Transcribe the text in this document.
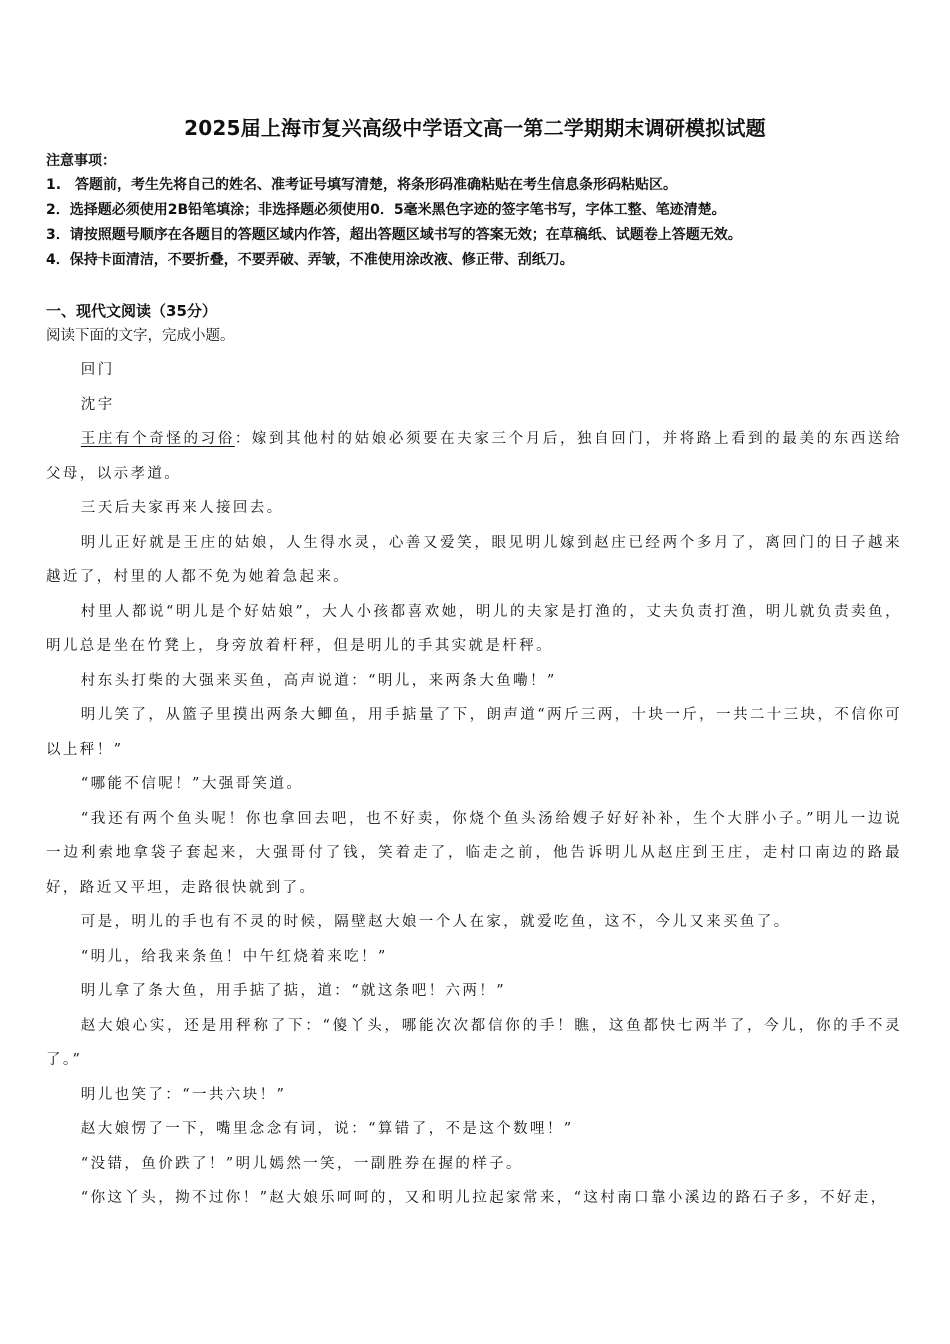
2025届上海市复兴高级中学语文高一第二学期期末调研模拟试题
注意事项：
1.　答题前，考生先将自己的姓名、准考证号填写清楚，将条形码准确粘贴在考生信息条形码粘贴区。
2．选择题必须使用2B铅笔填涂；非选择题必须使用0．5毫米黑色字迹的签字笔书写，字体工整、笔迹清楚。
3．请按照题号顺序在各题目的答题区域内作答，超出答题区域书写的答案无效；在草稿纸、试题卷上答题无效。
4．保持卡面清洁，不要折叠，不要弄破、弄皱，不准使用涂改液、修正带、刮纸刀。
一、现代文阅读（35分）
阅读下面的文字，完成小题。

回门

沈宇

王庄有个奇怪的习俗：嫁到其他村的姑娘必须要在夫家三个月后，独自回门，并将路上看到的最美的东西送给父母，以示孝道。

三天后夫家再来人接回去。

明儿正好就是王庄的姑娘，人生得水灵，心善又爱笑，眼见明儿嫁到赵庄已经两个多月了，离回门的日子越来越近了，村里的人都不免为她着急起来。

村里人都说“明儿是个好姑娘”，大人小孩都喜欢她，明儿的夫家是打渔的，丈夫负责打渔，明儿就负责卖鱼，明儿总是坐在竹凳上，身旁放着杆秤，但是明儿的手其实就是杆秤。

村东头打柴的大强来买鱼，高声说道：“明儿，来两条大鱼嘞！”

明儿笑了，从篮子里摸出两条大鲫鱼，用手掂量了下，朗声道“两斤三两，十块一斤，一共二十三块，不信你可以上秤！”

“哪能不信呢！”大强哥笑道。

“我还有两个鱼头呢！你也拿回去吧，也不好卖，你烧个鱼头汤给嫂子好好补补，生个大胖小子。”明儿一边说一边利索地拿袋子套起来，大强哥付了钱，笑着走了，临走之前，他告诉明儿从赵庄到王庄，走村口南边的路最好，路近又平坦，走路很快就到了。

可是，明儿的手也有不灵的时候，隔壁赵大娘一个人在家，就爱吃鱼，这不，今儿又来买鱼了。

“明儿，给我来条鱼！中午红烧着来吃！”

明儿拿了条大鱼，用手掂了掂，道：“就这条吧！六两！”

赵大娘心实，还是用秤称了下：“傻丫头，哪能次次都信你的手！瞧，这鱼都快七两半了，今儿，你的手不灵了。”

明儿也笑了：“一共六块！”

赵大娘愣了一下，嘴里念念有词，说：“算错了，不是这个数哩！”

“没错，鱼价跌了！”明儿嫣然一笑，一副胜券在握的样子。

“你这丫头，拗不过你！”赵大娘乐呵呵的，又和明儿拉起家常来，“这村南口靠小溪边的路石子多，不好走，
